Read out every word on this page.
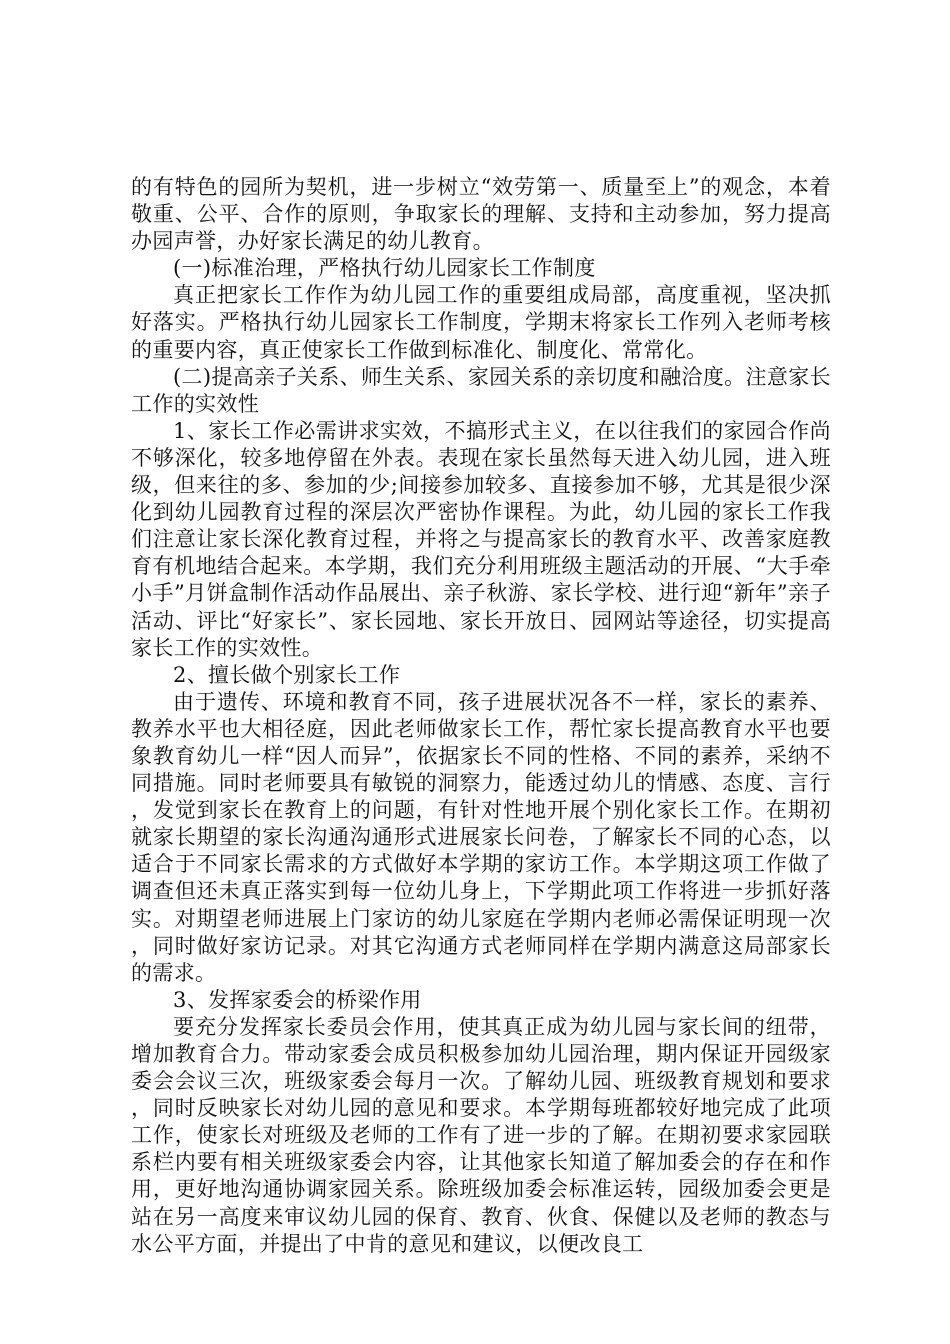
的有特色的园所为契机，进一步树立“效劳第一、质量至上”的观念，本着敬重、公平、合作的原则，争取家长的理解、支持和主动参加，努力提高办园声誉，办好家长满足的幼儿教育。

(一)标准治理，严格执行幼儿园家长工作制度

真正把家长工作作为幼儿园工作的重要组成局部，高度重视，坚决抓好落实。严格执行幼儿园家长工作制度，学期末将家长工作列入老师考核的重要内容，真正使家长工作做到标准化、制度化、常常化。

(二)提高亲子关系、师生关系、家园关系的亲切度和融洽度。注意家长工作的实效性

1、家长工作必需讲求实效，不搞形式主义，在以往我们的家园合作尚不够深化，较多地停留在外表。表现在家长虽然每天进入幼儿园，进入班级，但来往的多、参加的少;间接参加较多、直接参加不够，尤其是很少深化到幼儿园教育过程的深层次严密协作课程。为此，幼儿园的家长工作我们注意让家长深化教育过程，并将之与提高家长的教育水平、改善家庭教育有机地结合起来。本学期，我们充分利用班级主题活动的开展、“大手牵小手”月饼盒制作活动作品展出、亲子秋游、家长学校、进行迎“新年”亲子活动、评比“好家长”、家长园地、家长开放日、园网站等途径，切实提高家长工作的实效性。

2、擅长做个别家长工作

由于遗传、环境和教育不同，孩子进展状况各不一样，家长的素养、教养水平也大相径庭，因此老师做家长工作，帮忙家长提高教育水平也要象教育幼儿一样“因人而异”，依据家长不同的性格、不同的素养，采纳不同措施。同时老师要具有敏锐的洞察力，能透过幼儿的情感、态度、言行，发觉到家长在教育上的问题，有针对性地开展个别化家长工作。在期初就家长期望的家长沟通沟通形式进展家长问卷，了解家长不同的心态，以适合于不同家长需求的方式做好本学期的家访工作。本学期这项工作做了调查但还未真正落实到每一位幼儿身上，下学期此项工作将进一步抓好落实。对期望老师进展上门家访的幼儿家庭在学期内老师必需保证明现一次，同时做好家访记录。对其它沟通方式老师同样在学期内满意这局部家长的需求。

3、发挥家委会的桥梁作用

要充分发挥家长委员会作用，使其真正成为幼儿园与家长间的纽带，增加教育合力。带动家委会成员积极参加幼儿园治理，期内保证开园级家委会会议三次，班级家委会每月一次。了解幼儿园、班级教育规划和要求，同时反映家长对幼儿园的意见和要求。本学期每班都较好地完成了此项工作，使家长对班级及老师的工作有了进一步的了解。在期初要求家园联系栏内要有相关班级家委会内容，让其他家长知道了解加委会的存在和作用，更好地沟通协调家园关系。除班级加委会标准运转，园级加委会更是站在另一高度来审议幼儿园的保育、教育、伙食、保健以及老师的教态与水公平方面，并提出了中肯的意见和建议，以便改良工
